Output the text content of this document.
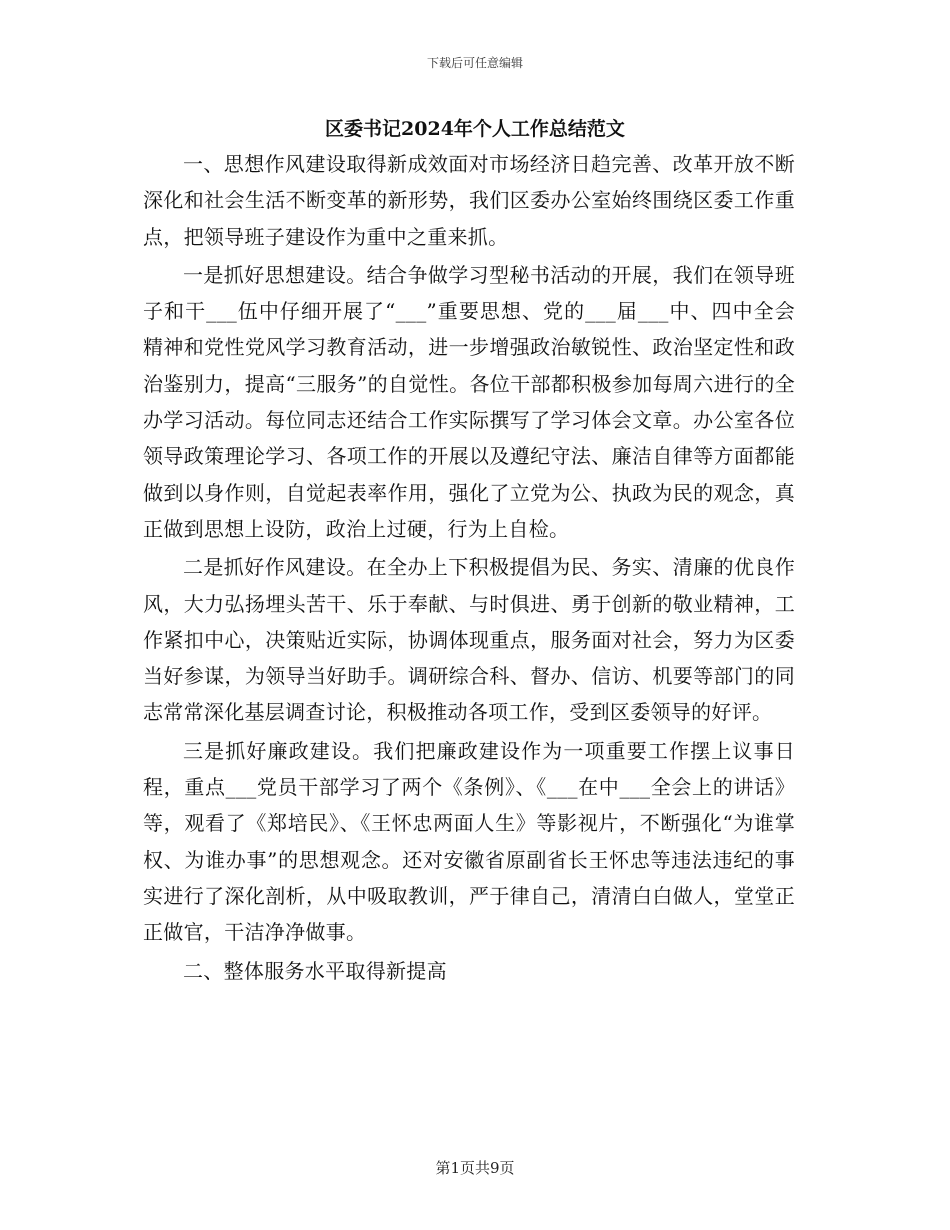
下载后可任意编辑
区委书记2024年个人工作总结范文

一、思想作风建设取得新成效面对市场经济日趋完善、改革开放不断深化和社会生活不断变革的新形势，我们区委办公室始终围绕区委工作重点，把领导班子建设作为重中之重来抓。

一是抓好思想建设。结合争做学习型秘书活动的开展，我们在领导班子和干___伍中仔细开展了“___”重要思想、党的___届___中、四中全会精神和党性党风学习教育活动，进一步增强政治敏锐性、政治坚定性和政治鉴别力，提高“三服务”的自觉性。各位干部都积极参加每周六进行的全办学习活动。每位同志还结合工作实际撰写了学习体会文章。办公室各位领导政策理论学习、各项工作的开展以及遵纪守法、廉洁自律等方面都能做到以身作则，自觉起表率作用，强化了立党为公、执政为民的观念，真正做到思想上设防，政治上过硬，行为上自检。

二是抓好作风建设。在全办上下积极提倡为民、务实、清廉的优良作风，大力弘扬埋头苦干、乐于奉献、与时俱进、勇于创新的敬业精神，工作紧扣中心，决策贴近实际，协调体现重点，服务面对社会，努力为区委当好参谋，为领导当好助手。调研综合科、督办、信访、机要等部门的同志常常深化基层调查讨论，积极推动各项工作，受到区委领导的好评。

三是抓好廉政建设。我们把廉政建设作为一项重要工作摆上议事日程，重点___党员干部学习了两个《条例》、《___在中___全会上的讲话》等，观看了《郑培民》、《王怀忠两面人生》等影视片，不断强化“为谁掌权、为谁办事”的思想观念。还对安徽省原副省长王怀忠等违法违纪的事实进行了深化剖析，从中吸取教训，严于律自己，清清白白做人，堂堂正正做官，干洁净净做事。

二、整体服务水平取得新提高

第1页共9页
